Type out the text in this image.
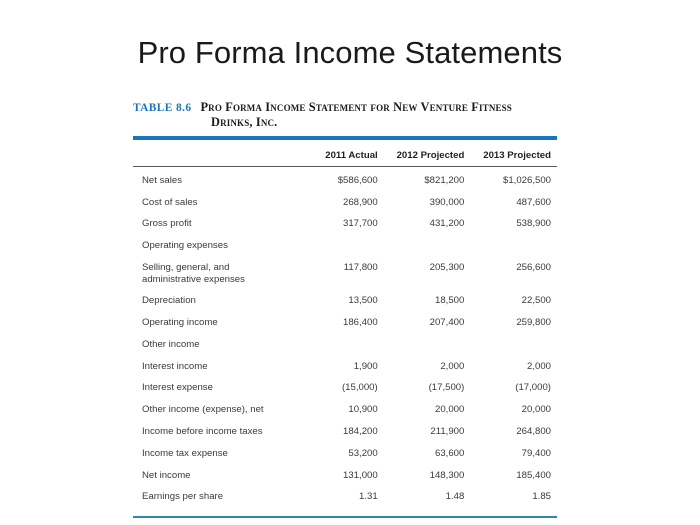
Pro Forma Income Statements
TABLE 8.6 Pro Forma Income Statement for New Venture Fitness
Drinks, Inc.
	2011 Actual	2012 Projected	2013 Projected
Net sales	$586,600	$821,200	$1,026,500
Cost of sales	268,900	390,000	487,600
Gross profit	317,700	431,200	538,900
Operating expenses			
Selling, general, and administrative expenses	117,800	205,300	256,600
Depreciation	13,500	18,500	22,500
Operating income	186,400	207,400	259,800
Other income			
Interest income	1,900	2,000	2,000
Interest expense	(15,000)	(17,500)	(17,000)
Other income (expense), net	10,900	20,000	20,000
Income before income taxes	184,200	211,900	264,800
Income tax expense	53,200	63,600	79,400
Net income	131,000	148,300	185,400
Earnings per share	1.31	1.48	1.85
